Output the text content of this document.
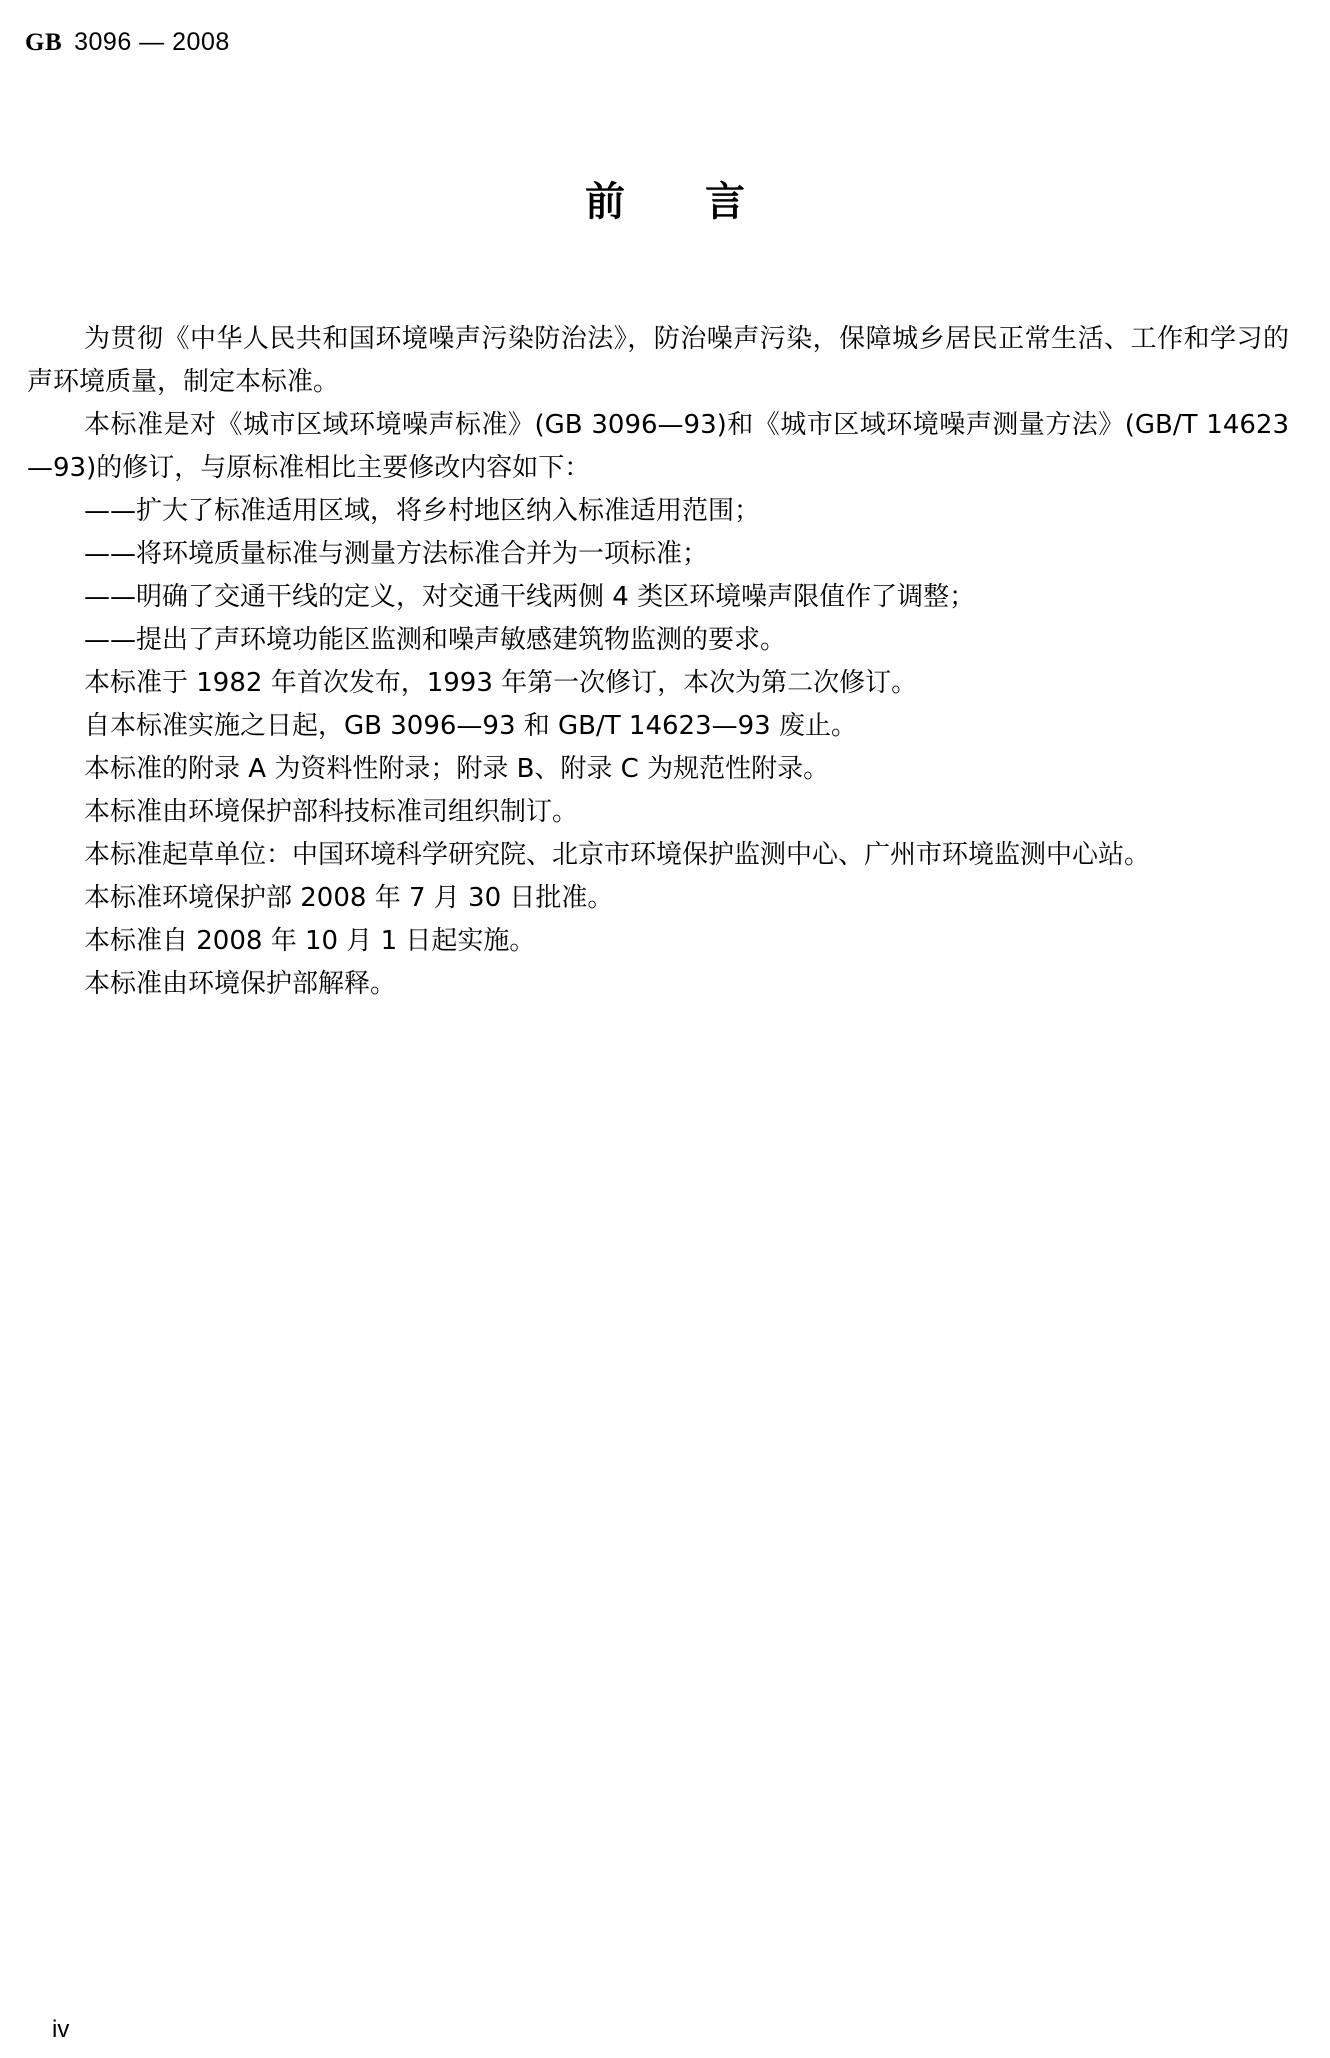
GB 3096 — 2008
前言

为贯彻《中华人民共和国环境噪声污染防治法》，防治噪声污染，保障城乡居民正常生活、工作和学习的声环境质量，制定本标准。

本标准是对《城市区域环境噪声标准》(GB 3096—93)和《城市区域环境噪声测量方法》(GB/T 14623—93)的修订，与原标准相比主要修改内容如下：

——扩大了标准适用区域，将乡村地区纳入标准适用范围；

——将环境质量标准与测量方法标准合并为一项标准；

——明确了交通干线的定义，对交通干线两侧 4 类区环境噪声限值作了调整；

——提出了声环境功能区监测和噪声敏感建筑物监测的要求。

本标准于 1982 年首次发布，1993 年第一次修订，本次为第二次修订。

自本标准实施之日起，GB 3096—93 和 GB/T 14623—93 废止。

本标准的附录 A 为资料性附录；附录 B、附录 C 为规范性附录。

本标准由环境保护部科技标准司组织制订。

本标准起草单位：中国环境科学研究院、北京市环境保护监测中心、广州市环境监测中心站。

本标准环境保护部 2008 年 7 月 30 日批准。

本标准自 2008 年 10 月 1 日起实施。

本标准由环境保护部解释。

iv
